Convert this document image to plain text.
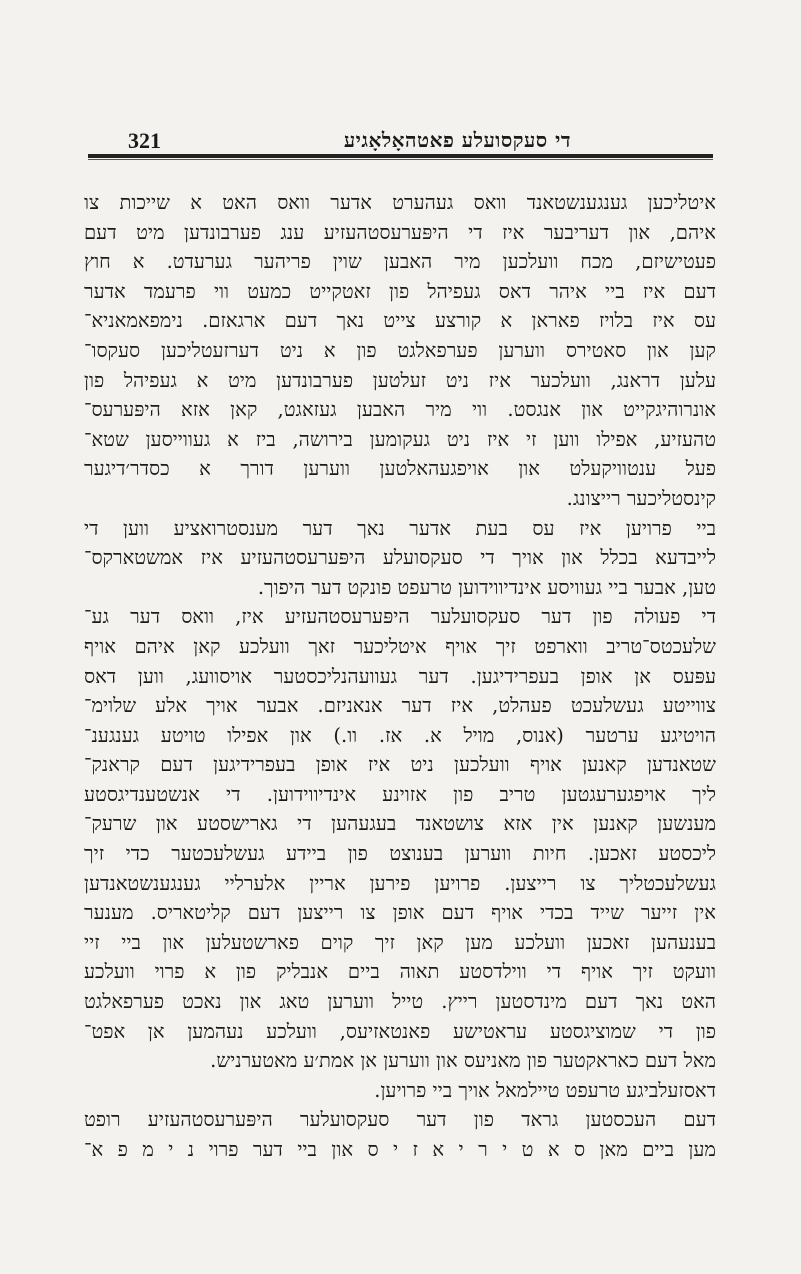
די סעקסועלע פאטהאָלאָגיע
321
איטליכען גענגענשטאנד וואס געהערט אדער וואס האט א שייכות צו
איהם, און דעריבער איז די היפּערעסטהעזיע ענג פערבונדען מיט דעם
פעטישיזם, מכח וועלכען מיר האבען שוין פריהער גערעדט. א חוץ
דעם איז ביי איהר דאס געפיהל פון זאטקייט כמעט ווי פרעמד אדער
עס איז בלויז פאראן א קורצע צייט נאך דעם ארגאזם. נימפאמאניא־
קען און סאטירס ווערען פערפאלגט פון א ניט דערזעטליכען סעקסו־
עלען דראנג, וועלכער איז ניט זעלטען פערבונדען מיט א געפיהל פון
אונרוהיגקייט און אנגסט. ווי מיר האבען געזאגט, קאן אזא היפּערעס־
טהעזיע, אפילו ווען זי איז ניט געקומען בירושה, ביז א געווייסען שטא־
פעל ענטוויקעלט און אויפגעהאלטען ווערען דורך א כסדר׳דיגער
קינסטליכער רייצונג.
ביי פרויען איז עס בעת אדער נאך דער מענסטרואציע ווען די
לייבדעא בכלל און אויך די סעקסועלע היפּערעסטהעזיע איז אמשטארקס־
טען, אבער ביי געוויסע אינדיווידוען טרעפט פונקט דער היפוך.
די פעולה פון דער סעקסועלער היפּערעסטהעזיע איז, וואס דער גע־
שלעכטס־טריב ווארפט זיך אויף איטליכער זאך וועלכע קאן איהם אויף
עפּעס אן אופן בעפרידיגען. דער געוועהנליכסטער אויסוועג, ווען דאס
צווייטע געשלעכט פעהלט, איז דער אנאניזם. אבער אויך אלע שלוימ־
הויטיגע ערטער (אנוס, מויל א. אז. וו.) און אפילו טויטע גענגענ־
שטאנדען קאנען אויף וועלכען ניט איז אופן בעפרידיגען דעם קראנק־
ליך אויפגערעגטען טריב פון אזוינע אינדיווידוען. די אנשטענדיגסטע
מענשען קאנען אין אזא צושטאנד בעגעהען די גארישסטע און שרעק־
ליכסטע זאכען. חיות ווערען בענוצט פון ביידע געשלעכטער כדי זיך
געשלעכטליך צו רייצען. פרויען פירען אריין אלערליי גענגענשטאנדען
אין זייער שייד בכדי אויף דעם אופן צו רייצען דעם קליטאריס. מענער
בענעהען זאכען וועלכע מען קאן זיך קוים פארשטעלען און ביי זיי
וועקט זיך אויף די ווילדסטע תאוה ביים אנבליק פון א פרוי וועלכע
האט נאך דעם מינדסטען רייץ. טייל ווערען טאג און נאכט פערפאלגט
פון די שמוציגסטע עראטישע פאנטאזיעס, וועלכע נעהמען אן אפט־
מאל דעם כאראקטער פון מאניעס און ווערען אן אמת׳ע מאטערניש.
דאסזעלביגע טרעפט טיילמאל אויך ביי פרויען.
דעם העכסטען גראד פון דער סעקסועלער היפּערעסטהעזיע רופט
מען ביים מאן ס א ט י ר י א ז י ס און ביי דער פרוי נ י מ פ א־
